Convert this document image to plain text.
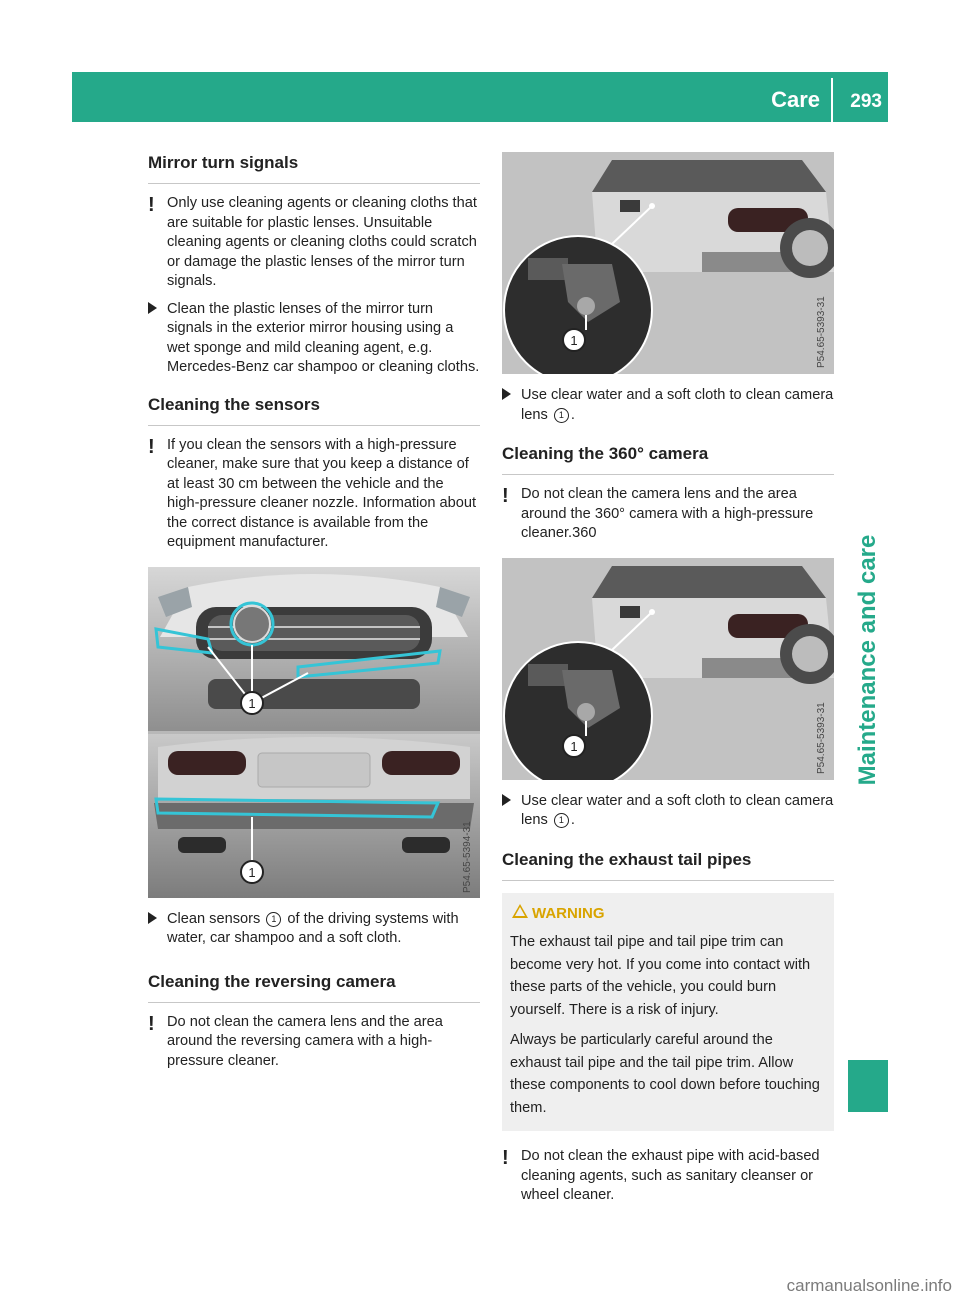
Care 293
Maintenance and care
Mirror turn signals
! Only use cleaning agents or cleaning cloths that are suitable for plastic lenses. Unsuitable cleaning agents or cleaning cloths could scratch or damage the plastic lenses of the mirror turn signals.
Clean the plastic lenses of the mirror turn signals in the exterior mirror housing using a wet sponge and mild cleaning agent, e.g. Mercedes-Benz car shampoo or cleaning cloths.
Cleaning the sensors
! If you clean the sensors with a high-pressure cleaner, make sure that you keep a distance of at least 30 cm between the vehicle and the high-pressure cleaner nozzle. Information about the correct distance is available from the equipment manufacturer.
1
1	P54.65-5394-31
Clean sensors 1 of the driving systems with water, car shampoo and a soft cloth.
Cleaning the reversing camera
! Do not clean the camera lens and the area around the reversing camera with a high-pressure cleaner.
1	P54.65-5393-31
Use clear water and a soft cloth to clean camera lens 1 .
Cleaning the 360° camera
! Do not clean the camera lens and the area around the 360° camera with a high-pressure cleaner.360
1	P54.65-5393-31
Use clear water and a soft cloth to clean camera lens 1 .
Cleaning the exhaust tail pipes
WARNING

The exhaust tail pipe and tail pipe trim can become very hot. If you come into contact with these parts of the vehicle, you could burn yourself. There is a risk of injury.

Always be particularly careful around the exhaust tail pipe and the tail pipe trim. Allow these components to cool down before touching them.

! Do not clean the exhaust pipe with acid-based cleaning agents, such as sanitary cleanser or wheel cleaner.
carmanualsonline.info
